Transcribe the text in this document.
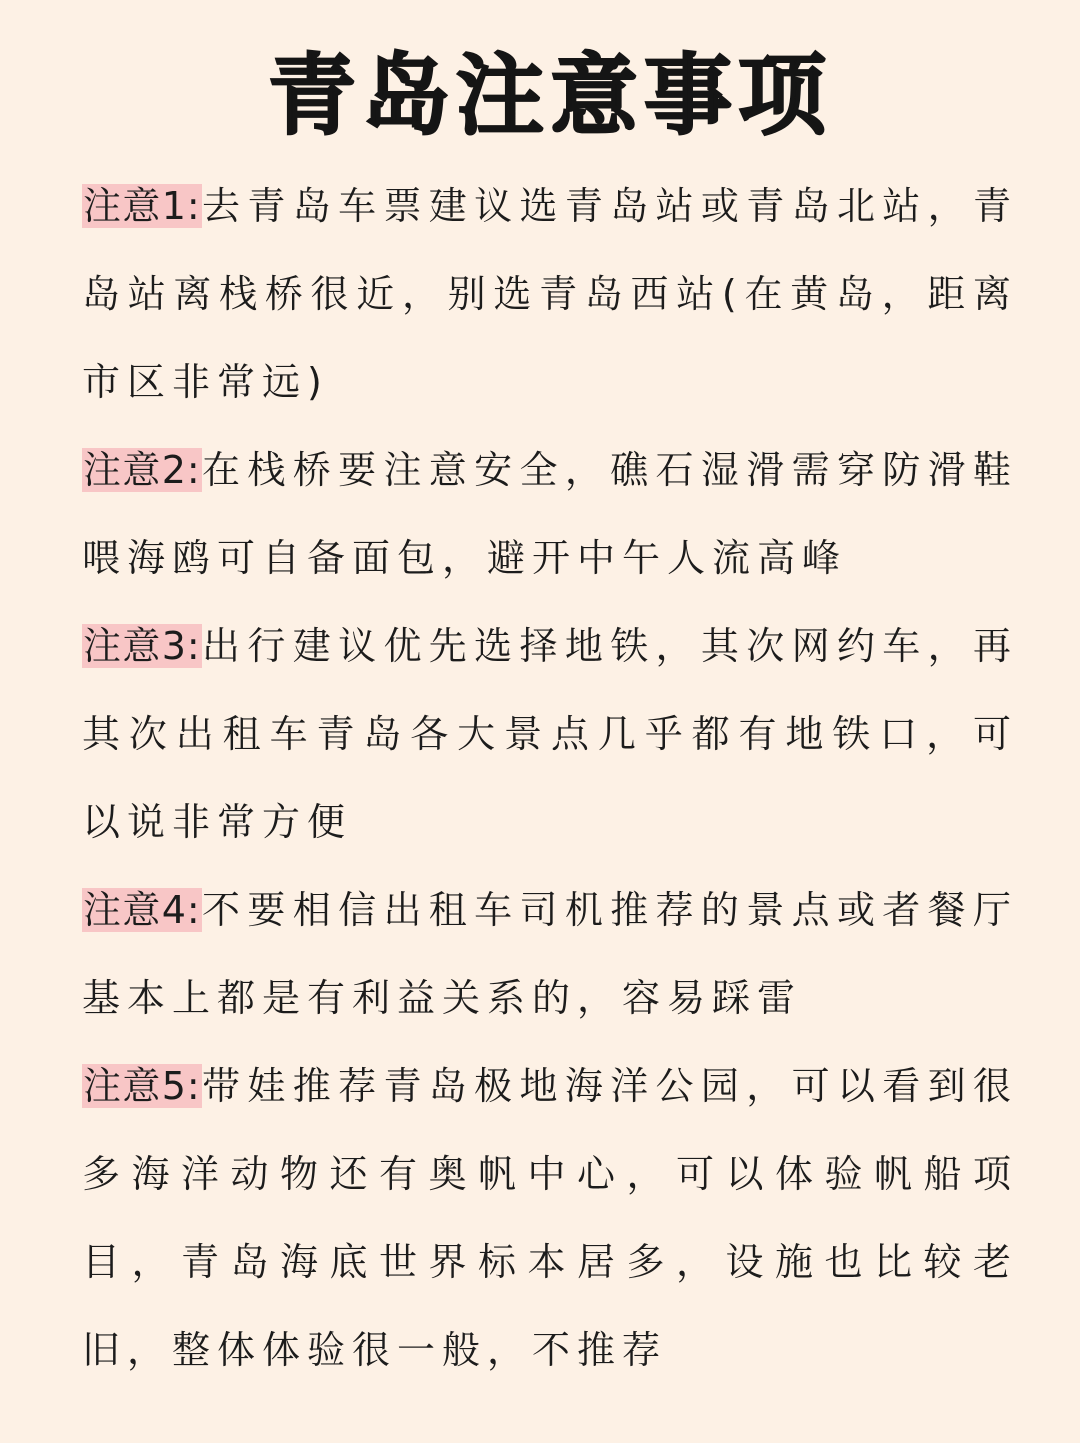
青岛注意事项

注意1:去青岛车票建议选青岛站或青岛北站，青岛站离栈桥很近，别选青岛西站(在黄岛，距离市区非常远)

注意2:在栈桥要注意安全，礁石湿滑需穿防滑鞋喂海鸥可自备面包，避开中午人流高峰

注意3:出行建议优先选择地铁，其次网约车，再其次出租车青岛各大景点几乎都有地铁口，可以说非常方便

注意4:不要相信出租车司机推荐的景点或者餐厅基本上都是有利益关系的，容易踩雷

注意5:带娃推荐青岛极地海洋公园，可以看到很多海洋动物还有奥帆中心，可以体验帆船项目，青岛海底世界标本居多，设施也比较老旧，整体体验很一般，不推荐
